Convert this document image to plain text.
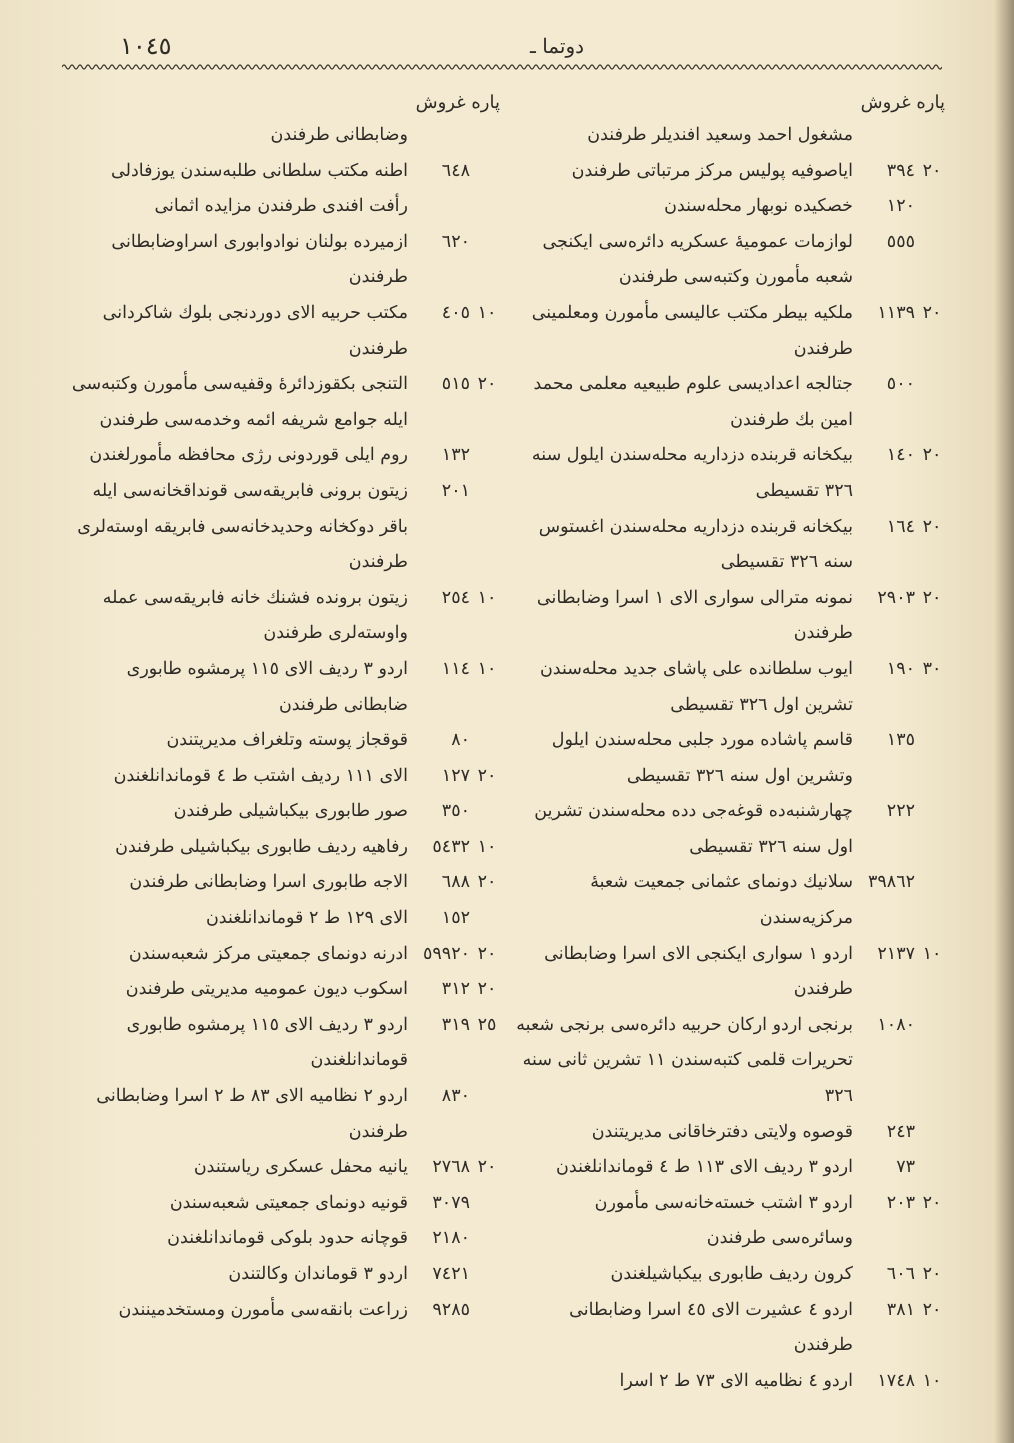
١٠٤٥	دوتما ـ
پاره غروش
مشغول احمد وسعید افندیلر طرفندن
٢٠
٣٩٤
ایاصوفیه پولیس مرکز مرتباتی طرفندن
١٢٠
خصکیده نوبهار محله‌سندن
٥٥٥
لوازمات عمومیهٔ عسکریه دائره‌سی ایکنجی شعبه مأمورن وکتبه‌سی طرفندن
٢٠
١١٣٩
ملکیه بیطر مکتب عالیسی مأمورن ومعلمینی طرفندن
٥٠٠
جتالجه اعدادیسی علوم طبیعیه معلمی محمد امین بك طرفندن
٢٠
١٤٠
بیکخانه قربنده دزداریه محله‌سندن ایلول سنه ٣٢٦ تقسیطی
٢٠
١٦٤
بیکخانه قربنده دزداریه محله‌سندن اغستوس سنه ٣٢٦ تقسیطی
٢٠
٢٩٠٣
نمونه مترالی سواری الای ١ اسرا وضابطانی طرفندن
٣٠
١٩٠
ایوب سلطانده علی پاشای جدید محله‌سندن تشرین اول ٣٢٦ تقسیطی
١٣٥
قاسم پاشاده مورد جلبی محله‌سندن ایلول وتشرین اول سنه ٣٢٦ تقسیطی
٢٢٢
چهارشنبه‌ده قوغه‌جی دده محله‌سندن تشرین اول سنه ٣٢٦ تقسیطی
٣٩٨٦٢
سلانیك دونمای عثمانی جمعیت شعبهٔ مرکزیه‌سندن
١٠
٢١٣٧
اردو ١ سواری ایکنجی الای اسرا وضابطانی طرفندن
١٠٨٠
برنجی اردو ارکان حربیه دائره‌سی برنجی شعبه تحریرات قلمی کتبه‌سندن ١١ تشرین ثانی سنه ٣٢٦
٢٤٣
قوصوه ولایتی دفترخاقانی مدیریتندن
٧٣
اردو ٣ ردیف الای ١١٣ ط ٤ قوماندانلغندن
٢٠
٢٠٣
اردو ٣ اشتب خسته‌خانه‌سی مأمورن وسائره‌سی طرفندن
٢٠
٦٠٦
کرون ردیف طابوری بیکباشیلغندن
٢٠
٣٨١
اردو ٤ عشیرت الای ٤٥ اسرا وضابطانی طرفندن
١٠
١٧٤٨
اردو ٤ نظامیه الای ٧٣ ط ٢ اسرا
پاره غروش
وضابطانی طرفندن
٦٤٨
اطنه مکتب سلطانی طلبه‌سندن یوزفادلی رأفت افندی طرفندن مزایده اثمانی
٦٢٠
ازمیرده بولنان نوادوابوری اسراوضابطانی طرفندن
١٠
٤٠٥
مکتب حربیه الای دوردنجی بلوك شاکردانی طرفندن
٢٠
٥١٥
التنجی بکقوزدائرهٔ وقفیه‌سی مأمورن وکتبه‌سی ایله جوامع شریفه ائمه وخدمه‌سی طرفندن
١٣٢
روم ایلی قوردونی رژی محافظه مأمورلغندن
٢٠١
زیتون برونی فابریقه‌سی قونداقخانه‌سی ایله باقر دوکخانه وحدیدخانه‌سی فابریقه اوسته‌لری طرفندن
١٠
٢٥٤
زیتون برونده فشنك خانه فابریقه‌سی عمله واوسته‌لری طرفندن
١٠
١١٤
اردو ٣ ردیف الای ١١٥ پرمشوه طابوری ضابطانی طرفندن
٨٠
قوقجاز پوسته وتلغراف مدیریتندن
٢٠
١٢٧
الای ١١١ ردیف اشتب ط ٤ قوماندانلغندن
٣٥٠
صور طابوری بیکباشیلی طرفندن
١٠
٥٤٣٢
رفاهیه ردیف طابوری بیکباشیلی طرفندن
٢٠
٦٨٨
الاجه طابوری اسرا وضابطانی طرفندن
١٥٢
الای ١٢٩ ط ٢ قوماندانلغندن
٢٠
٥٩٩٢٠
ادرنه دونمای جمعیتی مرکز شعبه‌سندن
٢٠
٣١٢
اسکوب دیون عمومیه مدیریتی طرفندن
٢٥
٣١٩
اردو ٣ ردیف الای ١١٥ پرمشوه طابوری قوماندانلغندن
٨٣٠
اردو ٢ نظامیه الای ٨٣ ط ٢ اسرا وضابطانی طرفندن
٢٠
٢٧٦٨
یانیه محفل عسکری ریاستندن
٣٠٧٩
قونیه دونمای جمعیتی شعبه‌سندن
٢١٨٠
قوچانه حدود بلوکی قوماندانلغندن
٧٤٢١
اردو ٣ قوماندان وکالتندن
٩٢٨٥
زراعت بانقه‌سی مأمورن ومستخدمینندن
